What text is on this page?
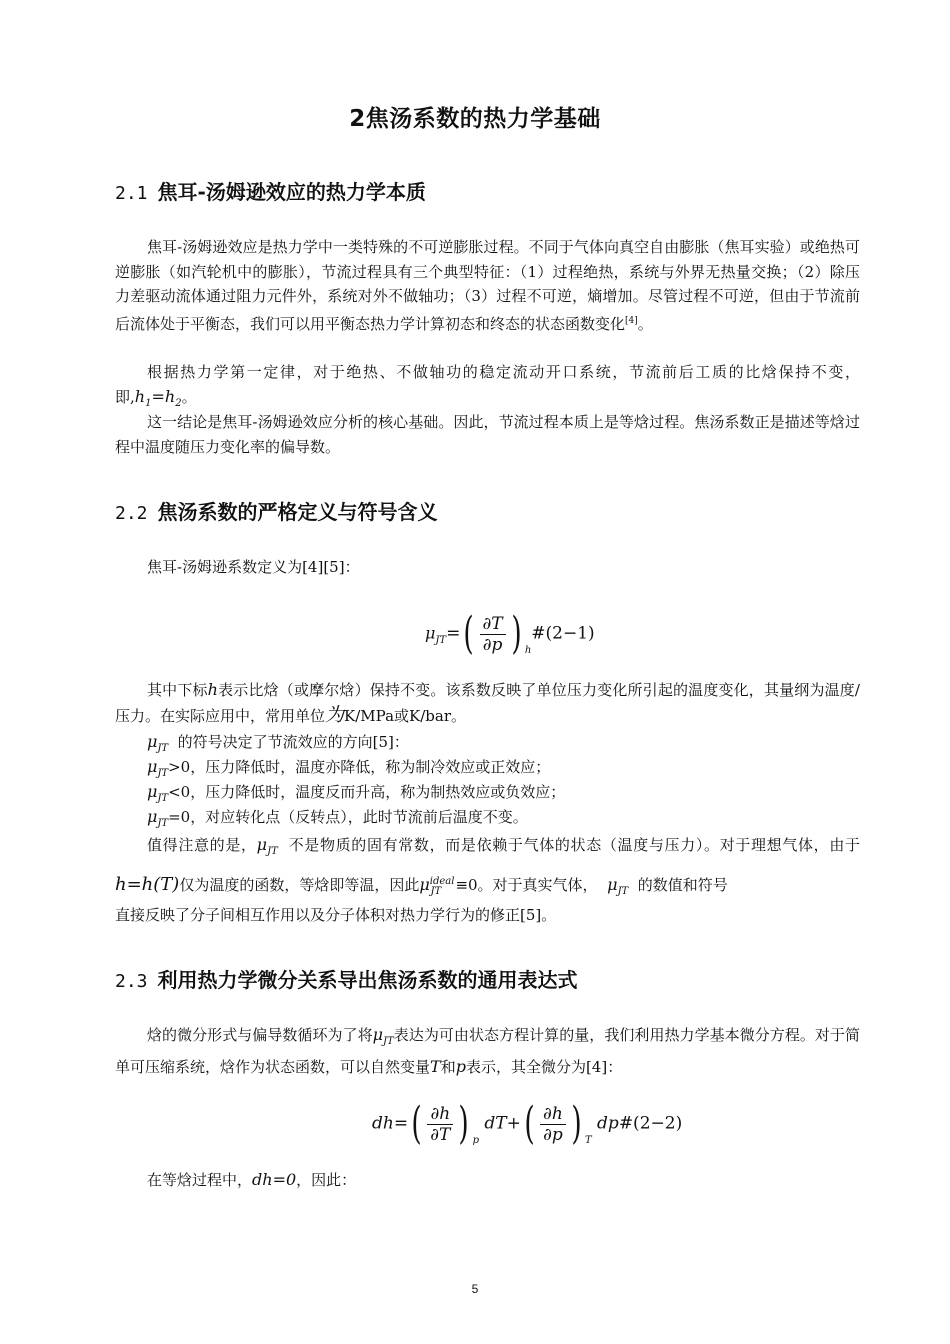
2焦汤系数的热力学基础
2.1 焦耳-汤姆逊效应的热力学本质

焦耳-汤姆逊效应是热力学中一类特殊的不可逆膨胀过程。不同于气体向真空自由膨胀（焦耳实验）或绝热可逆膨胀（如汽轮机中的膨胀），节流过程具有三个典型特征：（1）过程绝热，系统与外界无热量交换；（2）除压力差驱动流体通过阻力元件外，系统对外不做轴功；（3）过程不可逆，熵增加。尽管过程不可逆，但由于节流前后流体处于平衡态，我们可以用平衡态热力学计算初态和终态的状态函数变化[4]。

根据热力学第一定律，对于绝热、不做轴功的稳定流动开口系统，节流前后工质的比焓保持不变，即$,h_1=h_2$。

这一结论是焦耳-汤姆逊效应分析的核心基础。因此，节流过程本质上是等焓过程。焦汤系数正是描述等焓过程中温度随压力变化率的偏导数。

2.2 焦汤系数的严格定义与符号含义

焦耳-汤姆逊系数定义为[4][5]：

$\mu_{JT}=( \frac{\partial T}{\partial p}$ ) $_h$#(2−1)

其中下标h表示比焓（或摩尔焓）保持不变。该系数反映了单位压力变化所引起的温度变化，其量纲为温度/压力。在实际应用中，常用单位为K/MPa或K/bar。

$\mu_{JT}$ 的符号决定了节流效应的方向[5]：

$\mu_{JT}>0$，压力降低时，温度亦降低，称为制冷效应或正效应；

$\mu_{JT}<0$，压力降低时，温度反而升高，称为制热效应或负效应；

$\mu_{JT}=0$，对应转化点（反转点），此时节流前后温度不变。

值得注意的是，$\mu_{JT}$ 不是物质的固有常数，而是依赖于气体的状态（温度与压力）。对于理想气体，由于h=h(T)仅为温度的函数，等焓即等温，因此$\mu^{ideal}_{JT} \equiv 0$。对于真实气体， $\mu_{JT}$ 的数值和符号

直接反映了分子间相互作用以及分子体积对热力学行为的修正[5]。

2.3 利用热力学微分关系导出焦汤系数的通用表达式

焓的微分形式与偏导数循环为了将$\mu_{JT}$表达为可由状态方程计算的量，我们利用热力学基本微分方程。对于简单可压缩系统，焓作为状态函数，可以自然变量T和p表示，其全微分为[4]：

$dh=( \frac{\partial h}{\partial T}$ ) $_p$ $dT+( \frac{\partial h}{\partial p}$ ) $_T$ dp#(2−2)

在等焓过程中，dh=0，因此：

5
